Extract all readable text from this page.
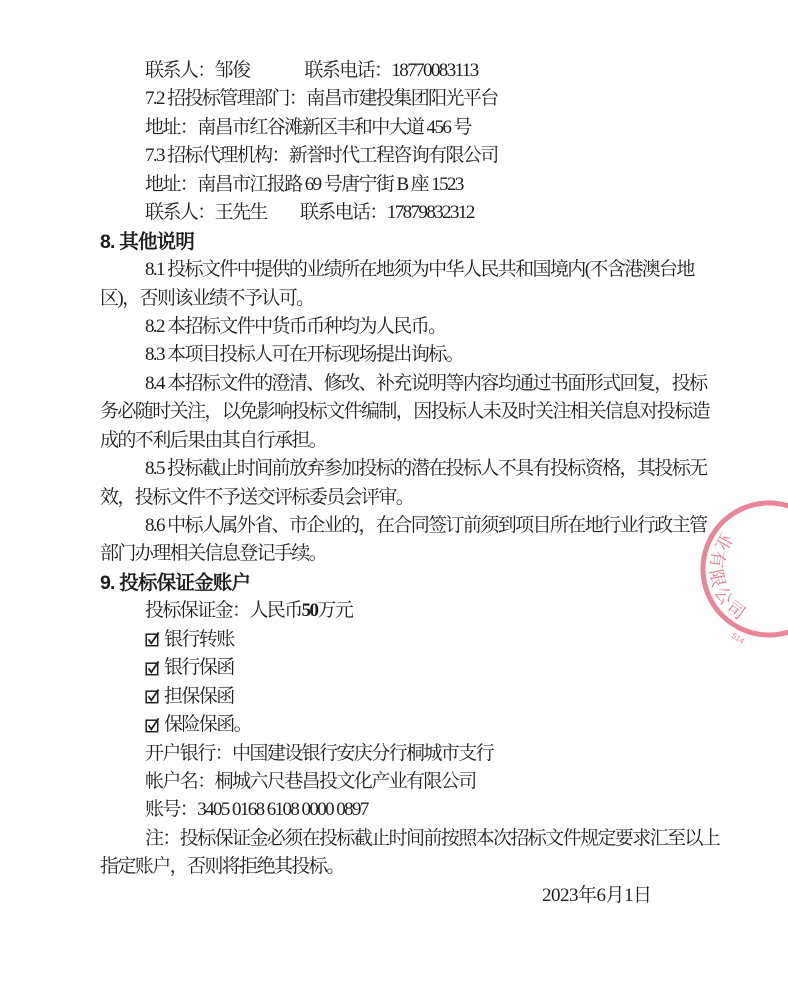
联系人：邹俊	联系电话：18770083113
7.2 招投标管理部门：南昌市建投集团阳光平台
地址：南昌市红谷滩新区丰和中大道 456 号
7.3 招标代理机构：新誉时代工程咨询有限公司
地址：南昌市江报路 69 号唐宁街 B 座 1523
联系人：王先生 联系电话：17879832312
8. 其他说明
8.1 投标文件中提供的业绩所在地须为中华人民共和国境内(不含港澳台地
区)，否则该业绩不予认可。
8.2 本招标文件中货币币种均为人民币。
8.3 本项目投标人可在开标现场提出询标。
8.4 本招标文件的澄清、修改、补充说明等内容均通过书面形式回复，投标
务必随时关注，以免影响投标文件编制，因投标人未及时关注相关信息对投标造
成的不利后果由其自行承担。
8.5 投标截止时间前放弃参加投标的潜在投标人不具有投标资格，其投标无
效，投标文件不予送交评标委员会评审。
8.6 中标人属外省、市企业的，在合同签订前须到项目所在地行业行政主管
部门办理相关信息登记手续。
9. 投标保证金账户
投标保证金：人民币50万元
银行转账
银行保函
担保保函
保险保函。
开户银行：中国建设银行安庆分行桐城市支行
帐户名：桐城六尺巷昌投文化产业有限公司
账号：3405 0168 6108 0000 0897
注：投标保证金必须在投标截止时间前按照本次招标文件规定要求汇至以上
指定账户，否则将拒绝其投标。
2023年6月1日
业有限公司
514
